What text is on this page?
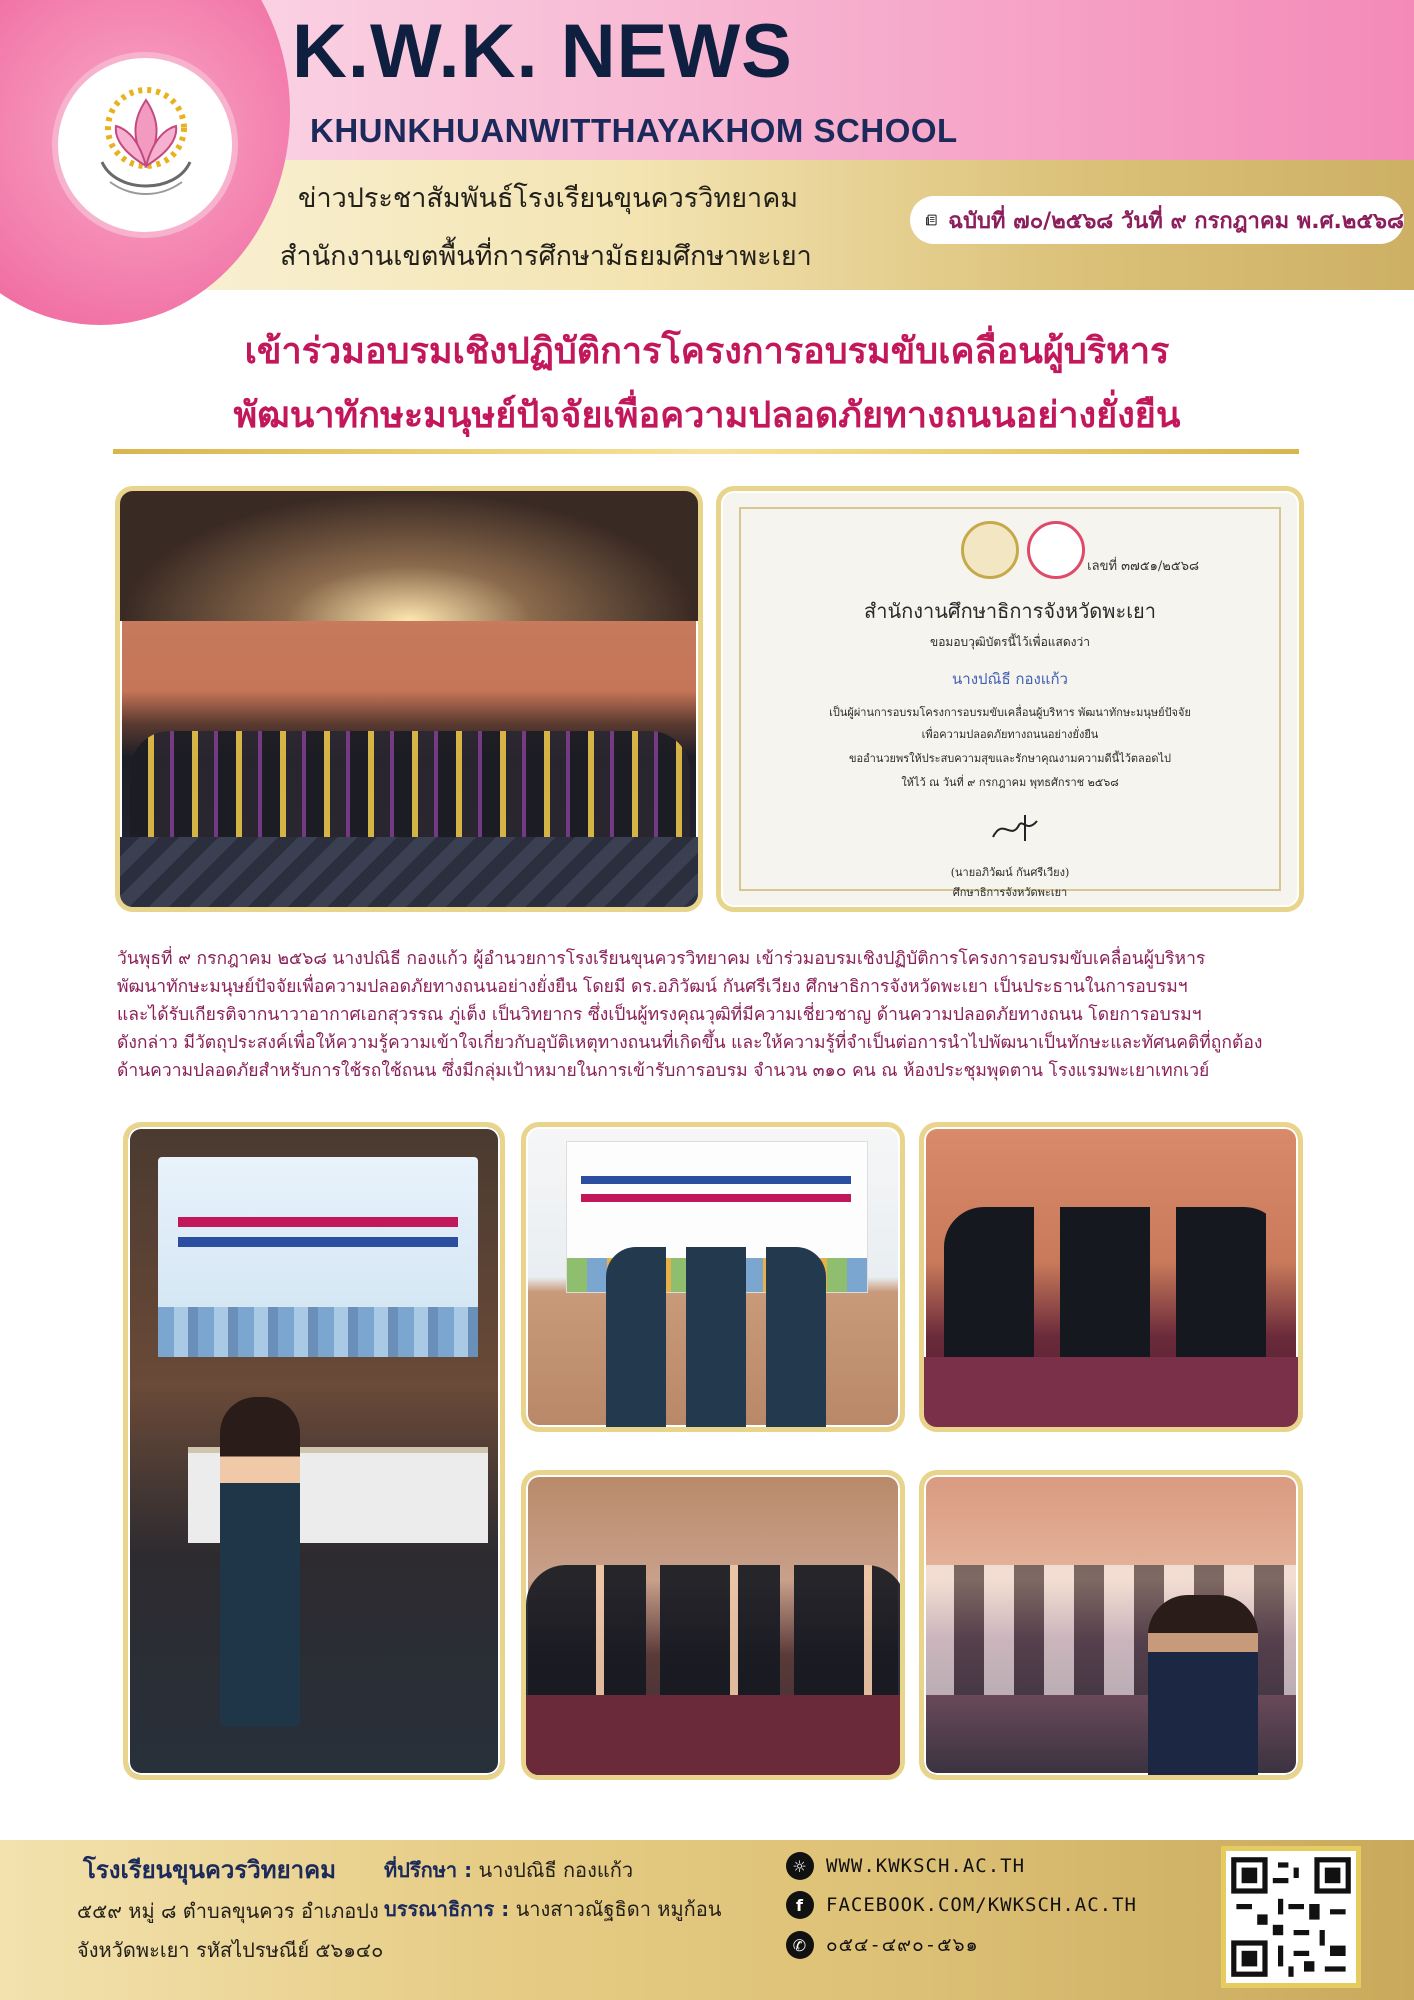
K.W.K. NEWS
KHUNKHUANWITTHAYAKHOM SCHOOL
ข่าวประชาสัมพันธ์โรงเรียนขุนควรวิทยาคม
สำนักงานเขตพื้นที่การศึกษามัธยมศึกษาพะเยา
ฉบับที่ ๗๐/๒๕๖๘ วันที่ ๙ กรกฎาคม พ.ศ.๒๕๖๘
เข้าร่วมอบรมเชิงปฏิบัติการโครงการอบรมขับเคลื่อนผู้บริหาร
พัฒนาทักษะมนุษย์ปัจจัยเพื่อความปลอดภัยทางถนนอย่างยั่งยืน
เลขที่ ๓๗๕๑/๒๕๖๘
สำนักงานศึกษาธิการจังหวัดพะเยา
ขอมอบวุฒิบัตรนี้ไว้เพื่อแสดงว่า
นางปณิธี กองแก้ว
เป็นผู้ผ่านการอบรมโครงการอบรมขับเคลื่อนผู้บริหาร พัฒนาทักษะมนุษย์ปัจจัย
เพื่อความปลอดภัยทางถนนอย่างยั่งยืน
ขออำนวยพรให้ประสบความสุขและรักษาคุณงามความดีนี้ไว้ตลอดไป
ให้ไว้ ณ วันที่ ๙ กรกฎาคม พุทธศักราช ๒๕๖๘
(นายอภิวัฒน์ กันศรีเวียง)
ศึกษาธิการจังหวัดพะเยา

วันพุธที่ ๙ กรกฎาคม ๒๕๖๘ นางปณิธี กองแก้ว ผู้อำนวยการโรงเรียนขุนควรวิทยาคม เข้าร่วมอบรมเชิงปฏิบัติการโครงการอบรมขับเคลื่อนผู้บริหาร

พัฒนาทักษะมนุษย์ปัจจัยเพื่อความปลอดภัยทางถนนอย่างยั่งยืน โดยมี ดร.อภิวัฒน์ กันศรีเวียง ศึกษาธิการจังหวัดพะเยา เป็นประธานในการอบรมฯ

และได้รับเกียรติจากนาวาอากาศเอกสุวรรณ ภู่เต็ง เป็นวิทยากร ซึ่งเป็นผู้ทรงคุณวุฒิที่มีความเชี่ยวชาญ ด้านความปลอดภัยทางถนน โดยการอบรมฯ

ดังกล่าว มีวัตถุประสงค์เพื่อให้ความรู้ความเข้าใจเกี่ยวกับอุบัติเหตุทางถนนที่เกิดขึ้น และให้ความรู้ที่จำเป็นต่อการนำไปพัฒนาเป็นทักษะและทัศนคติที่ถูกต้อง

ด้านความปลอดภัยสำหรับการใช้รถใช้ถนน ซึ่งมีกลุ่มเป้าหมายในการเข้ารับการอบรม จำนวน ๓๑๐ คน ณ ห้องประชุมพุดตาน โรงแรมพะเยาเทกเวย์

โรงเรียนขุนควรวิทยาคม
๕๕๙ หมู่ ๘ ตำบลขุนควร อำเภอปง
จังหวัดพะเยา รหัสไปรษณีย์ ๕๖๑๔๐
ที่ปรึกษา : นางปณิธี กองแก้ว
บรรณาธิการ : นางสาวณัฐธิดา หมูก้อน
☼ WWW.KWKSCH.AC.TH
f	FACEBOOK.COM/KWKSCH.AC.TH
✆ ๐๕๔-๔๙๐-๕๖๑
